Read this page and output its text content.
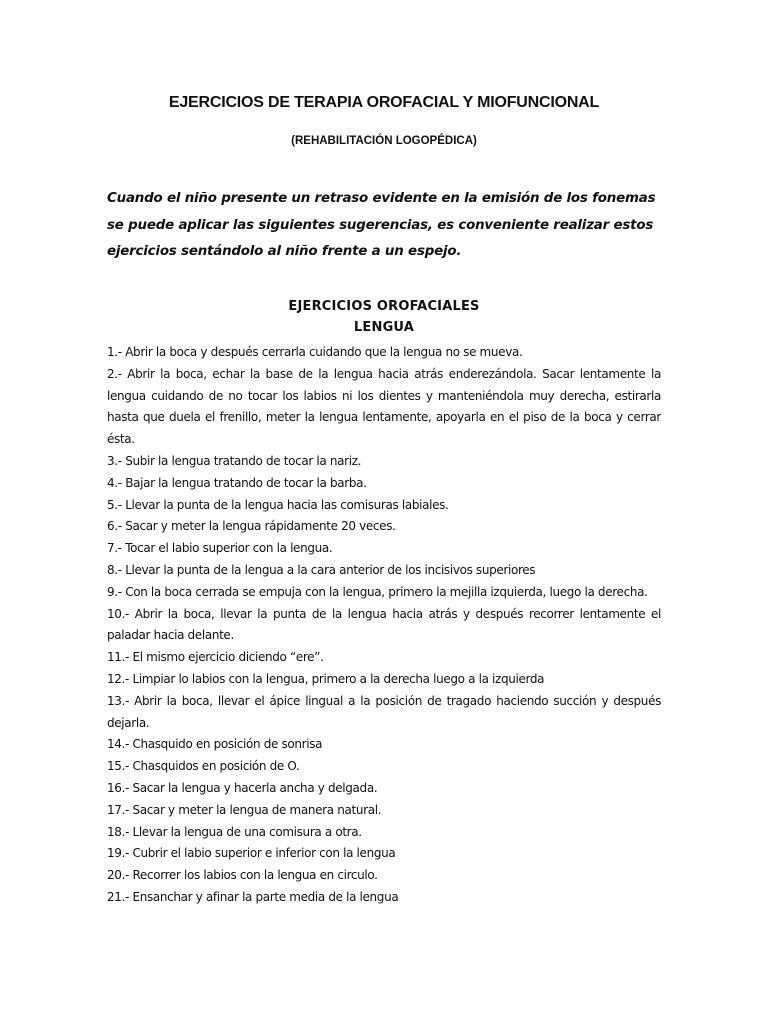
EJERCICIOS DE TERAPIA OROFACIAL Y MIOFUNCIONAL
(REHABILITACIÓN LOGOPÉDICA)

Cuando el niño presente un retraso evidente en la emisión de los fonemas se puede aplicar las siguientes sugerencias, es conveniente realizar estos ejercicios sentándolo al niño frente a un espejo.

EJERCICIOS OROFACIALES
LENGUA
1.- Abrir la boca y después cerrarla cuidando que la lengua no se mueva.
2.- Abrir la boca, echar la base de la lengua hacia atrás enderezándola. Sacar lentamente la lengua cuidando de no tocar los labios ni los dientes y manteniéndola muy derecha, estirarla hasta que duela el frenillo, meter la lengua lentamente, apoyarla en el piso de la boca y cerrar ésta.
3.- Subir la lengua tratando de tocar la nariz.
4.- Bajar la lengua tratando de tocar la barba.
5.- Llevar la punta de la lengua hacia las comisuras labiales.
6.- Sacar y meter la lengua rápidamente 20 veces.
7.- Tocar el labio superior con la lengua.
8.- Llevar la punta de la lengua a la cara anterior de los incisivos superiores
9.- Con la boca cerrada se empuja con la lengua, primero la mejilla izquierda, luego la derecha.
10.- Abrir la boca, llevar la punta de la lengua hacia atrás y después recorrer lentamente el paladar hacia delante.
11.- El mismo ejercicio diciendo “ere”.
12.- Limpiar lo labios con la lengua, primero a la derecha luego a la izquierda
13.- Abrir la boca, llevar el ápice lingual a la posición de tragado haciendo succión y después dejarla.
14.- Chasquido en posición de sonrisa
15.- Chasquidos en posición de O.
16.- Sacar la lengua y hacerla ancha y delgada.
17.- Sacar y meter la lengua de manera natural.
18.- Llevar la lengua de una comisura a otra.
19.- Cubrir el labio superior e inferior con la lengua
20.- Recorrer los labios con la lengua en circulo.
21.- Ensanchar y afinar la parte media de la lengua
